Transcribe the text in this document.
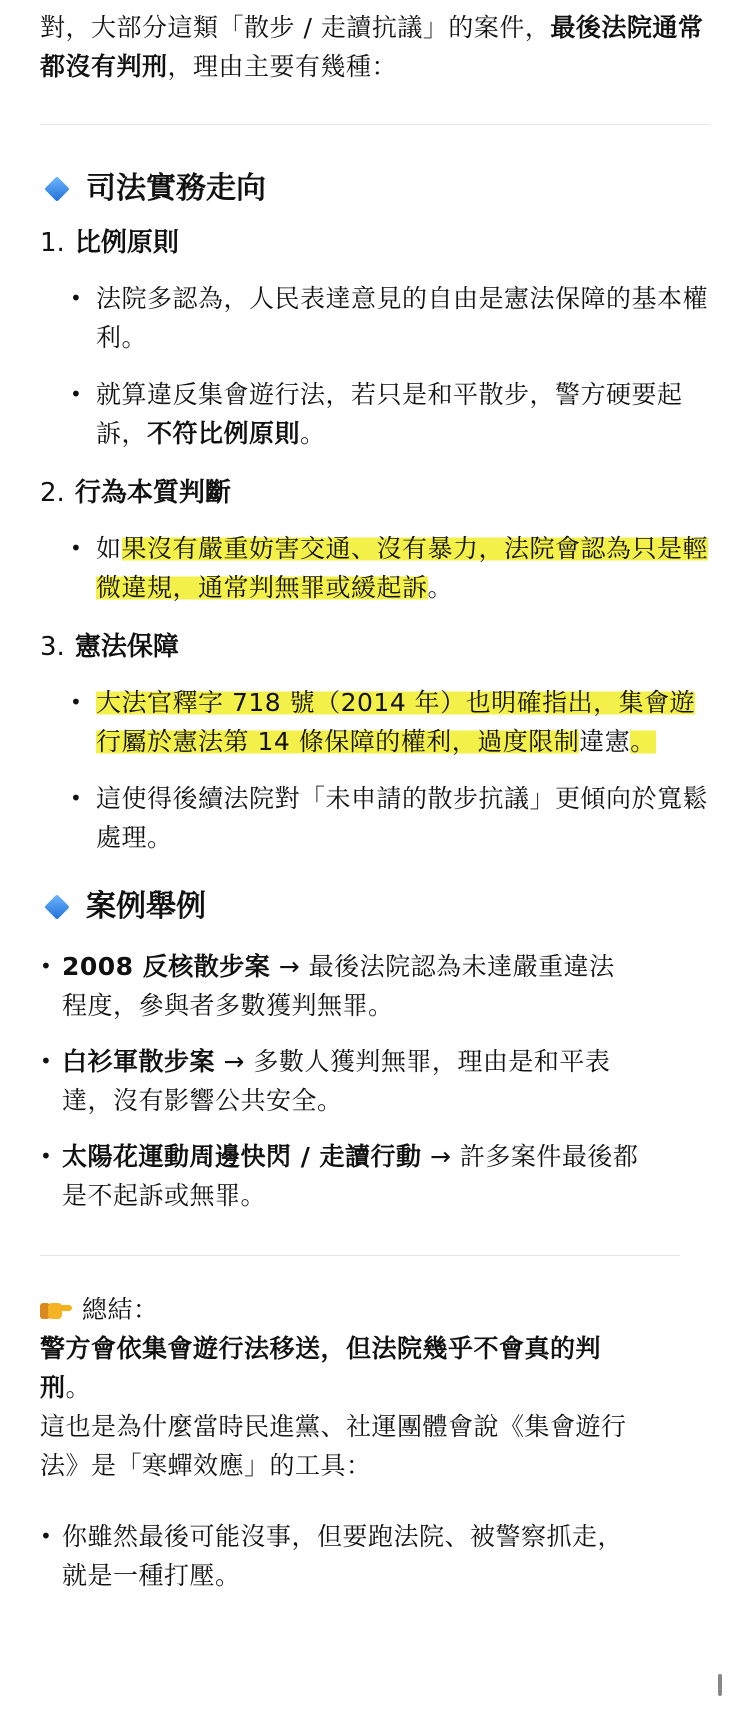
對，大部分這類「散步 / 走讀抗議」的案件，最後法院通常都沒有判刑，理由主要有幾種：

司法實務走向
1. 比例原則
• 法院多認為，人民表達意見的自由是憲法保障的基本權利。
• 就算違反集會遊行法，若只是和平散步，警方硬要起訴，不符比例原則。
2. 行為本質判斷
• 如果沒有嚴重妨害交通、沒有暴力，法院會認為只是輕微違規，通常判無罪或緩起訴。
3. 憲法保障
• 大法官釋字 718 號（2014 年）也明確指出，集會遊行屬於憲法第 14 條保障的權利，過度限制違憲。
• 這使得後續法院對「未申請的散步抗議」更傾向於寬鬆處理。
案例舉例
• 2008 反核散步案 → 最後法院認為未達嚴重違法程度，參與者多數獲判無罪。
• 白衫軍散步案 → 多數人獲判無罪，理由是和平表達，沒有影響公共安全。
• 太陽花運動周邊快閃 / 走讀行動 → 許多案件最後都是不起訴或無罪。
總結：

警方會依集會遊行法移送，但法院幾乎不會真的判刑。

這也是為什麼當時民進黨、社運團體會說《集會遊行法》是「寒蟬效應」的工具：

• 你雖然最後可能沒事，但要跑法院、被警察抓走，就是一種打壓。
